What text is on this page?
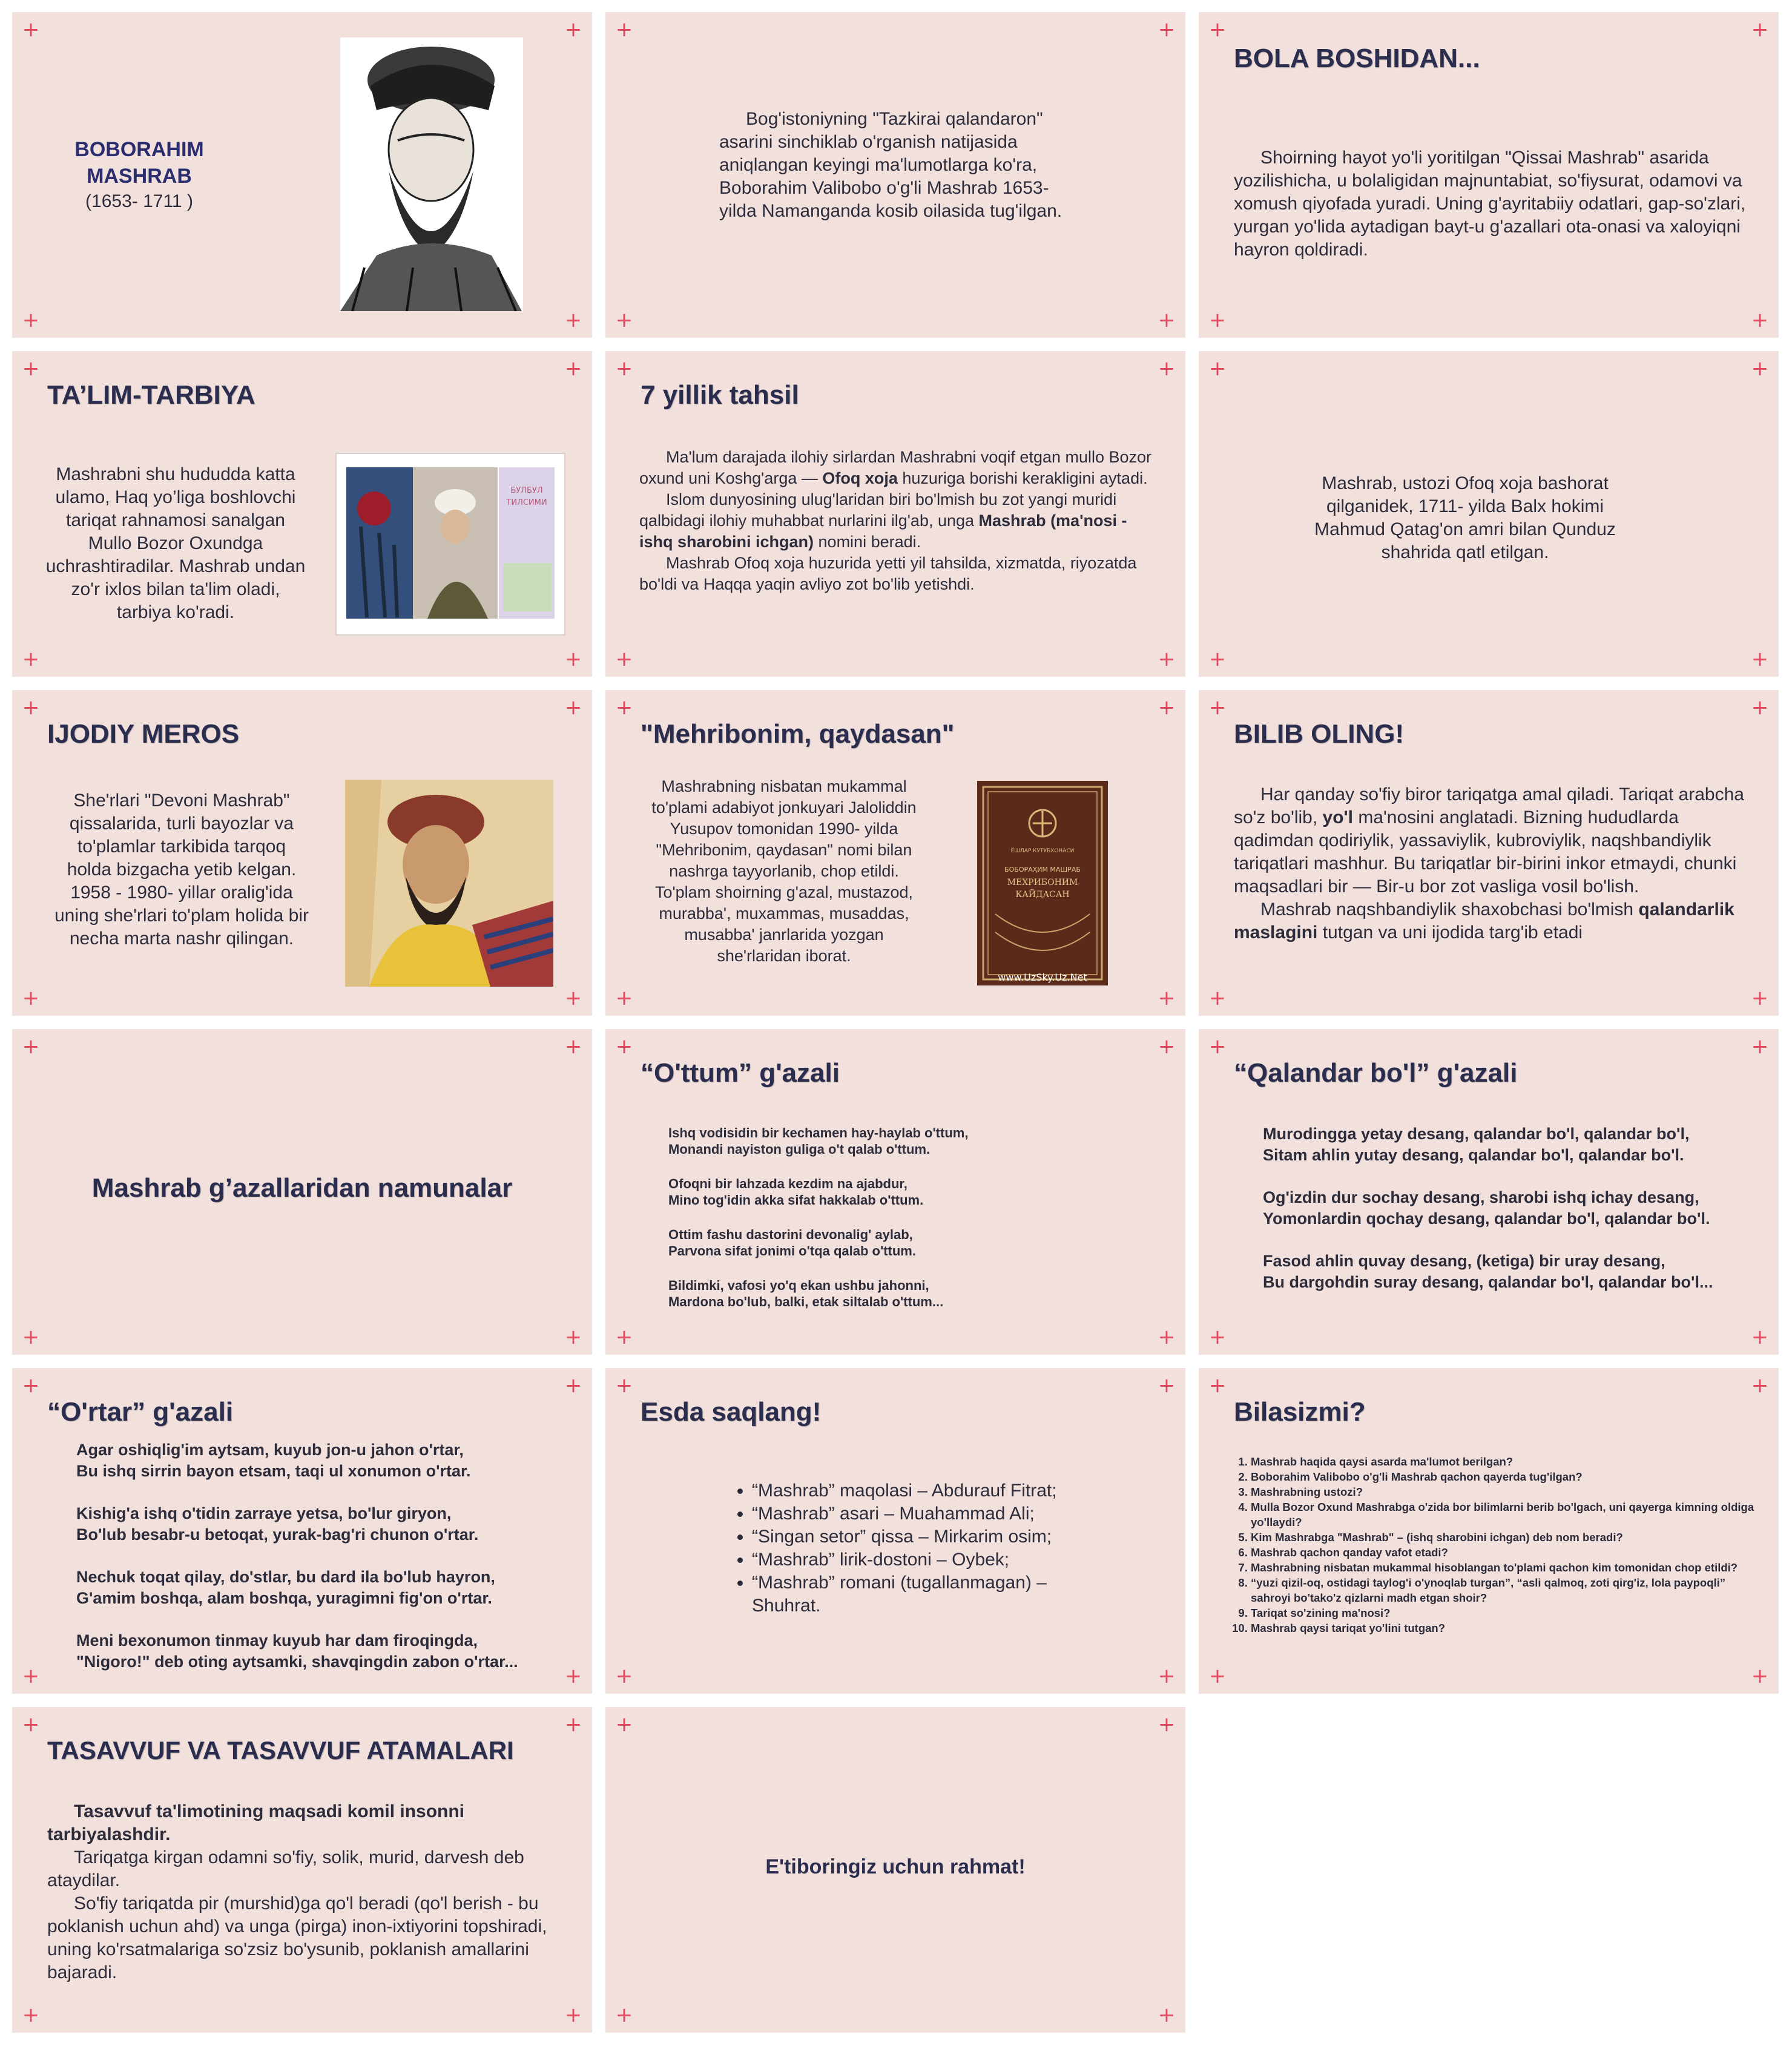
+	+
+	+
BOBORAHIM
MASHRAB
(1653- 1711 )
+	+
+	+

Bog'istoniyning "Tazkirai qalandaron" asarini sinchiklab o'rganish natijasida aniqlangan keyingi ma'lumotlarga ko'ra, Boborahim Valibobo o'g'li Mashrab 1653- yilda Namanganda kosib oilasida tug'ilgan.

+	+
+	+
BOLA BOSHIDAN...

Shoirning hayot yo'li yoritilgan "Qissai Mashrab" asarida yozilishicha, u bolaligidan majnuntabiat, so'fiysurat, odamovi va xomush qiyofada yuradi. Uning g'ayritabiiy odatlari, gap-so'zlari, yurgan yo'lida aytadigan bayt-u g'azallari ota-onasi va xaloyiqni hayron qoldiradi.

+	+
+	+
TA’LIM-TARBIYA

Mashrabni shu hududda katta ulamo, Haq yo’liga boshlovchi tariqat rahnamosi sanalgan Mullo Bozor Oxundga uchrashtiradilar. Mashrab undan zo'r ixlos bilan ta'lim oladi, tarbiya ko'radi.

БУЛБУЛ
ТИЛСИМИ
+	+
+	+
7 yillik tahsil

Ma'lum darajada ilohiy sirlardan Mashrabni voqif etgan mullo Bozor oxund uni Koshg'arga — Ofoq xoja huzuriga borishi kerakligini aytadi.

Islom dunyosining ulug'laridan biri bo'lmish bu zot yangi muridi qalbidagi ilohiy muhabbat nurlarini ilg'ab, unga Mashrab (ma'nosi - ishq sharobini ichgan) nomini beradi.

Mashrab Ofoq xoja huzurida yetti yil tahsilda, xizmatda, riyozatda bo'ldi va Haqqa yaqin avliyo zot bo'lib yetishdi.

+	+
+	+

Mashrab, ustozi Ofoq xoja bashorat qilganidek, 1711- yilda Balx hokimi Mahmud Qatag'on amri bilan Qunduz shahrida qatl etilgan.

+	+
+	+
IJODIY MEROS

She'rlari "Devoni Mashrab" qissalarida, turli bayozlar va to'plamlar tarkibida tarqoq holda bizgacha yetib kelgan. 1958 - 1980- yillar oralig'ida uning she'rlari to'plam holida bir necha marta nashr qilingan.

+	+
+	+
"Mehribonim, qaydasan"

Mashrabning nisbatan mukammal to'plami adabiyot jonkuyari Jaloliddin Yusupov tomonidan 1990- yilda "Mehribonim, qaydasan" nomi bilan nashrga tayyorlanib, chop etildi. To'plam shoirning g'azal, mustazod, murabba', muxammas, musaddas, musabba' janrlarida yozgan she'rlaridan iborat.

ЁШЛАР КУТУБХОНАСИ
БОБОРАҲИМ МАШРАБ
МЕХРИБОНИМ
КАЙДАСАН
www.UzSky.Uz.Net
+	+
+	+
BILIB OLING!

Har qanday so'fiy biror tariqatga amal qiladi. Tariqat arabcha so'z bo'lib, yo'l ma'nosini anglatadi. Bizning hududlarda qadimdan qodiriylik, yassaviylik, kubroviylik, naqshbandiylik tariqatlari mashhur. Bu tariqatlar bir-birini inkor etmaydi, chunki maqsadlari bir — Bir-u bor zot vasliga vosil bo'lish.

Mashrab naqshbandiylik shaxobchasi bo'lmish qalandarlik maslagini tutgan va uni ijodida targ'ib etadi

+	+
+	+
Mashrab g’azallaridan namunalar
+	+
+	+
“O'ttum” g'azali

Ishq vodisidin bir kechamen hay-haylab o'ttum,

Monandi nayiston guliga o't qalab o'ttum.

Ofoqni bir lahzada kezdim na ajabdur,

Mino tog'idin akka sifat hakkalab o'ttum.

Ottim fashu dastorini devonalig' aylab,

Parvona sifat jonimi o'tqa qalab o'ttum.

Bildimki, vafosi yo'q ekan ushbu jahonni,

Mardona bo'lub, balki, etak siltalab o'ttum...

+	+
+	+
“Qalandar bo'l” g'azali

Murodingga yetay desang, qalandar bo'l, qalandar bo'l,

Sitam ahlin yutay desang, qalandar bo'l, qalandar bo'l.

Og'izdin dur sochay desang, sharobi ishq ichay desang,

Yomonlardin qochay desang, qalandar bo'l, qalandar bo'l.

Fasod ahlin quvay desang, (ketiga) bir uray desang,

Bu dargohdin suray desang, qalandar bo'l, qalandar bo'l...

+	+
+	+
“O'rtar” g'azali

Agar oshiqlig'im aytsam, kuyub jon-u jahon o'rtar,

Bu ishq sirrin bayon etsam, taqi ul xonumon o'rtar.

Kishig'a ishq o'tidin zarraye yetsa, bo'lur giryon,

Bo'lub besabr-u betoqat, yurak-bag'ri chunon o'rtar.

Nechuk toqat qilay, do'stlar, bu dard ila bo'lub hayron,

G'amim boshqa, alam boshqa, yuragimni fig'on o'rtar.

Meni bexonumon tinmay kuyub har dam firoqingda,

"Nigoro!" deb oting aytsamki, shavqingdin zabon o'rtar...

+	+
+	+
Esda saqlang!
• “Mashrab” maqolasi – Abdurauf Fitrat;
• “Mashrab” asari – Muahammad Ali;
• “Singan setor” qissa – Mirkarim osim;
• “Mashrab” lirik-dostoni – Oybek;
• “Mashrab” romani (tugallanmagan) – Shuhrat.
+	+
+	+
Bilasizmi?
1. Mashrab haqida qaysi asarda ma'lumot berilgan?
2. Boborahim Valibobo o'g'li Mashrab qachon qayerda tug'ilgan?
3. Mashrabning ustozi?
4. Mulla Bozor Oxund Mashrabga o'zida bor bilimlarni berib bo'lgach, uni qayerga kimning oldiga yo'llaydi?
5. Kim Mashrabga "Mashrab" – (ishq sharobini ichgan) deb nom beradi?
6. Mashrab qachon qanday vafot etadi?
7. Mashrabning nisbatan mukammal hisoblangan to'plami qachon kim tomonidan chop etildi?
8. “yuzi qizil-oq, ostidagi taylog'i o'ynoqlab turgan”, “asli qalmoq, zoti qirg'iz, lola paypoqli” sahroyi bo'tako'z qizlarni madh etgan shoir?
9. Tariqat so'zining ma'nosi?
10. Mashrab qaysi tariqat yo'lini tutgan?
+	+
+	+
TASAVVUF VA TASAVVUF ATAMALARI

Tasavvuf ta'limotining maqsadi komil insonni tarbiyalashdir.

Tariqatga kirgan odamni so'fiy, solik, murid, darvesh deb ataydilar.

So'fiy tariqatda pir (murshid)ga qo'l beradi (qo'l berish - bu poklanish uchun ahd) va unga (pirga) inon-ixtiyorini topshiradi, uning ko'rsatmalariga so'zsiz bo'ysunib, poklanish amallarini bajaradi.

+	+
+	+
E'tiboringiz uchun rahmat!
